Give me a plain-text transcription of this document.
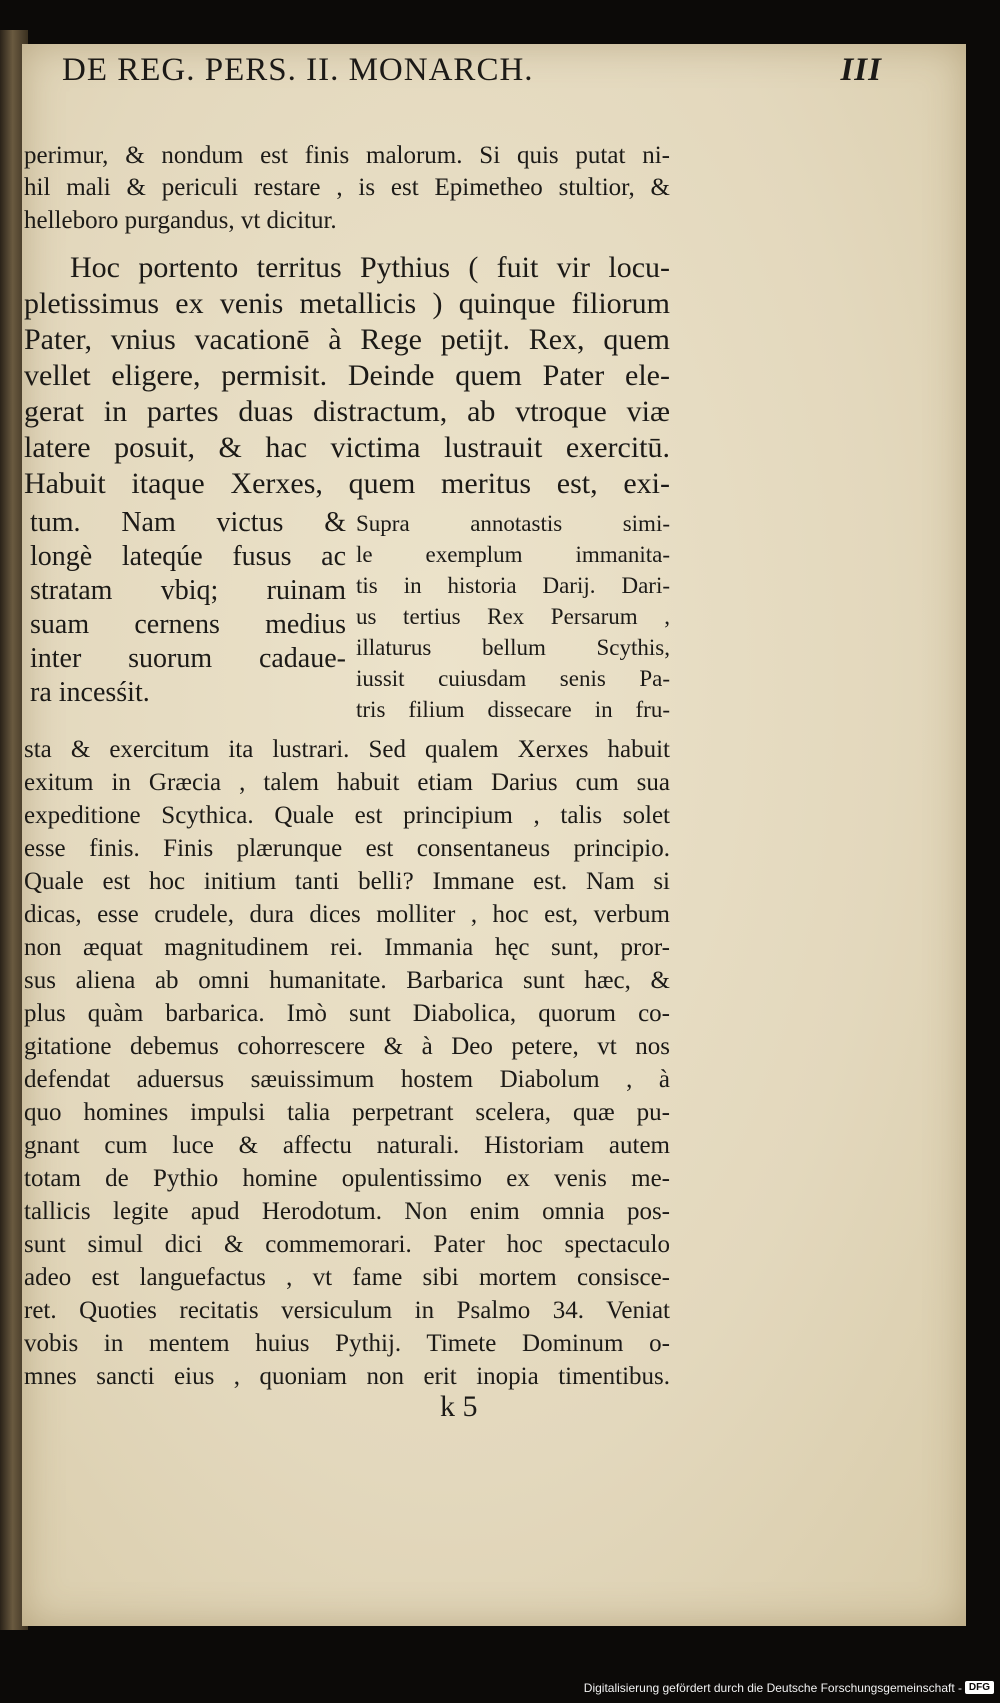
DE REG. PERS. II. MONARCH.	III
perimur, & nondum est finis malorum. Si quis putat ni-
hil mali & periculi restare , is est Epimetheo stultior, &
helleboro purgandus, vt dicitur.
Hoc portento territus Pythius ( fuit vir locu-
pletissimus ex venis metallicis ) quinque filiorum
Pater, vnius vacationē à Rege petijt. Rex, quem
vellet eligere, permisit. Deinde quem Pater ele-
gerat in partes duas distractum, ab vtroque viæ
latere posuit, & hac victima lustrauit exercitū.
Habuit itaque Xerxes, quem meritus est, exi-
tum. Nam victus &
longè lateqúe fusus ac
stratam vbiq; ruinam
suam cernens medius
inter suorum cadaue-
ra incesśit.
Supra annotastis simi-
le exemplum immanita-
tis in historia Darij. Dari-
us tertius Rex Persarum ,
illaturus bellum Scythis,
iussit cuiusdam senis Pa-
tris filium dissecare in fru-
sta & exercitum ita lustrari. Sed qualem Xerxes habuit
exitum in Græcia , talem habuit etiam Darius cum sua
expeditione Scythica. Quale est principium , talis solet
esse finis. Finis plærunque est consentaneus principio.
Quale est hoc initium tanti belli? Immane est. Nam si
dicas, esse crudele, dura dices molliter , hoc est, verbum
non æquat magnitudinem rei. Immania hęc sunt, pror-
sus aliena ab omni humanitate. Barbarica sunt hæc, &
plus quàm barbarica. Imò sunt Diabolica, quorum co-
gitatione debemus cohorrescere & à Deo petere, vt nos
defendat aduersus sæuissimum hostem Diabolum , à
quo homines impulsi talia perpetrant scelera, quæ pu-
gnant cum luce & affectu naturali. Historiam autem
totam de Pythio homine opulentissimo ex venis me-
tallicis legite apud Herodotum. Non enim omnia pos-
sunt simul dici & commemorari. Pater hoc spectaculo
adeo est languefactus , vt fame sibi mortem consisce-
ret. Quoties recitatis versiculum in Psalmo 34. Veniat
vobis in mentem huius Pythij. Timete Dominum o-
mnes sancti eius , quoniam non erit inopia timentibus.
k 5
Digitalisierung gefördert durch die Deutsche Forschungsgemeinschaft - DFG
